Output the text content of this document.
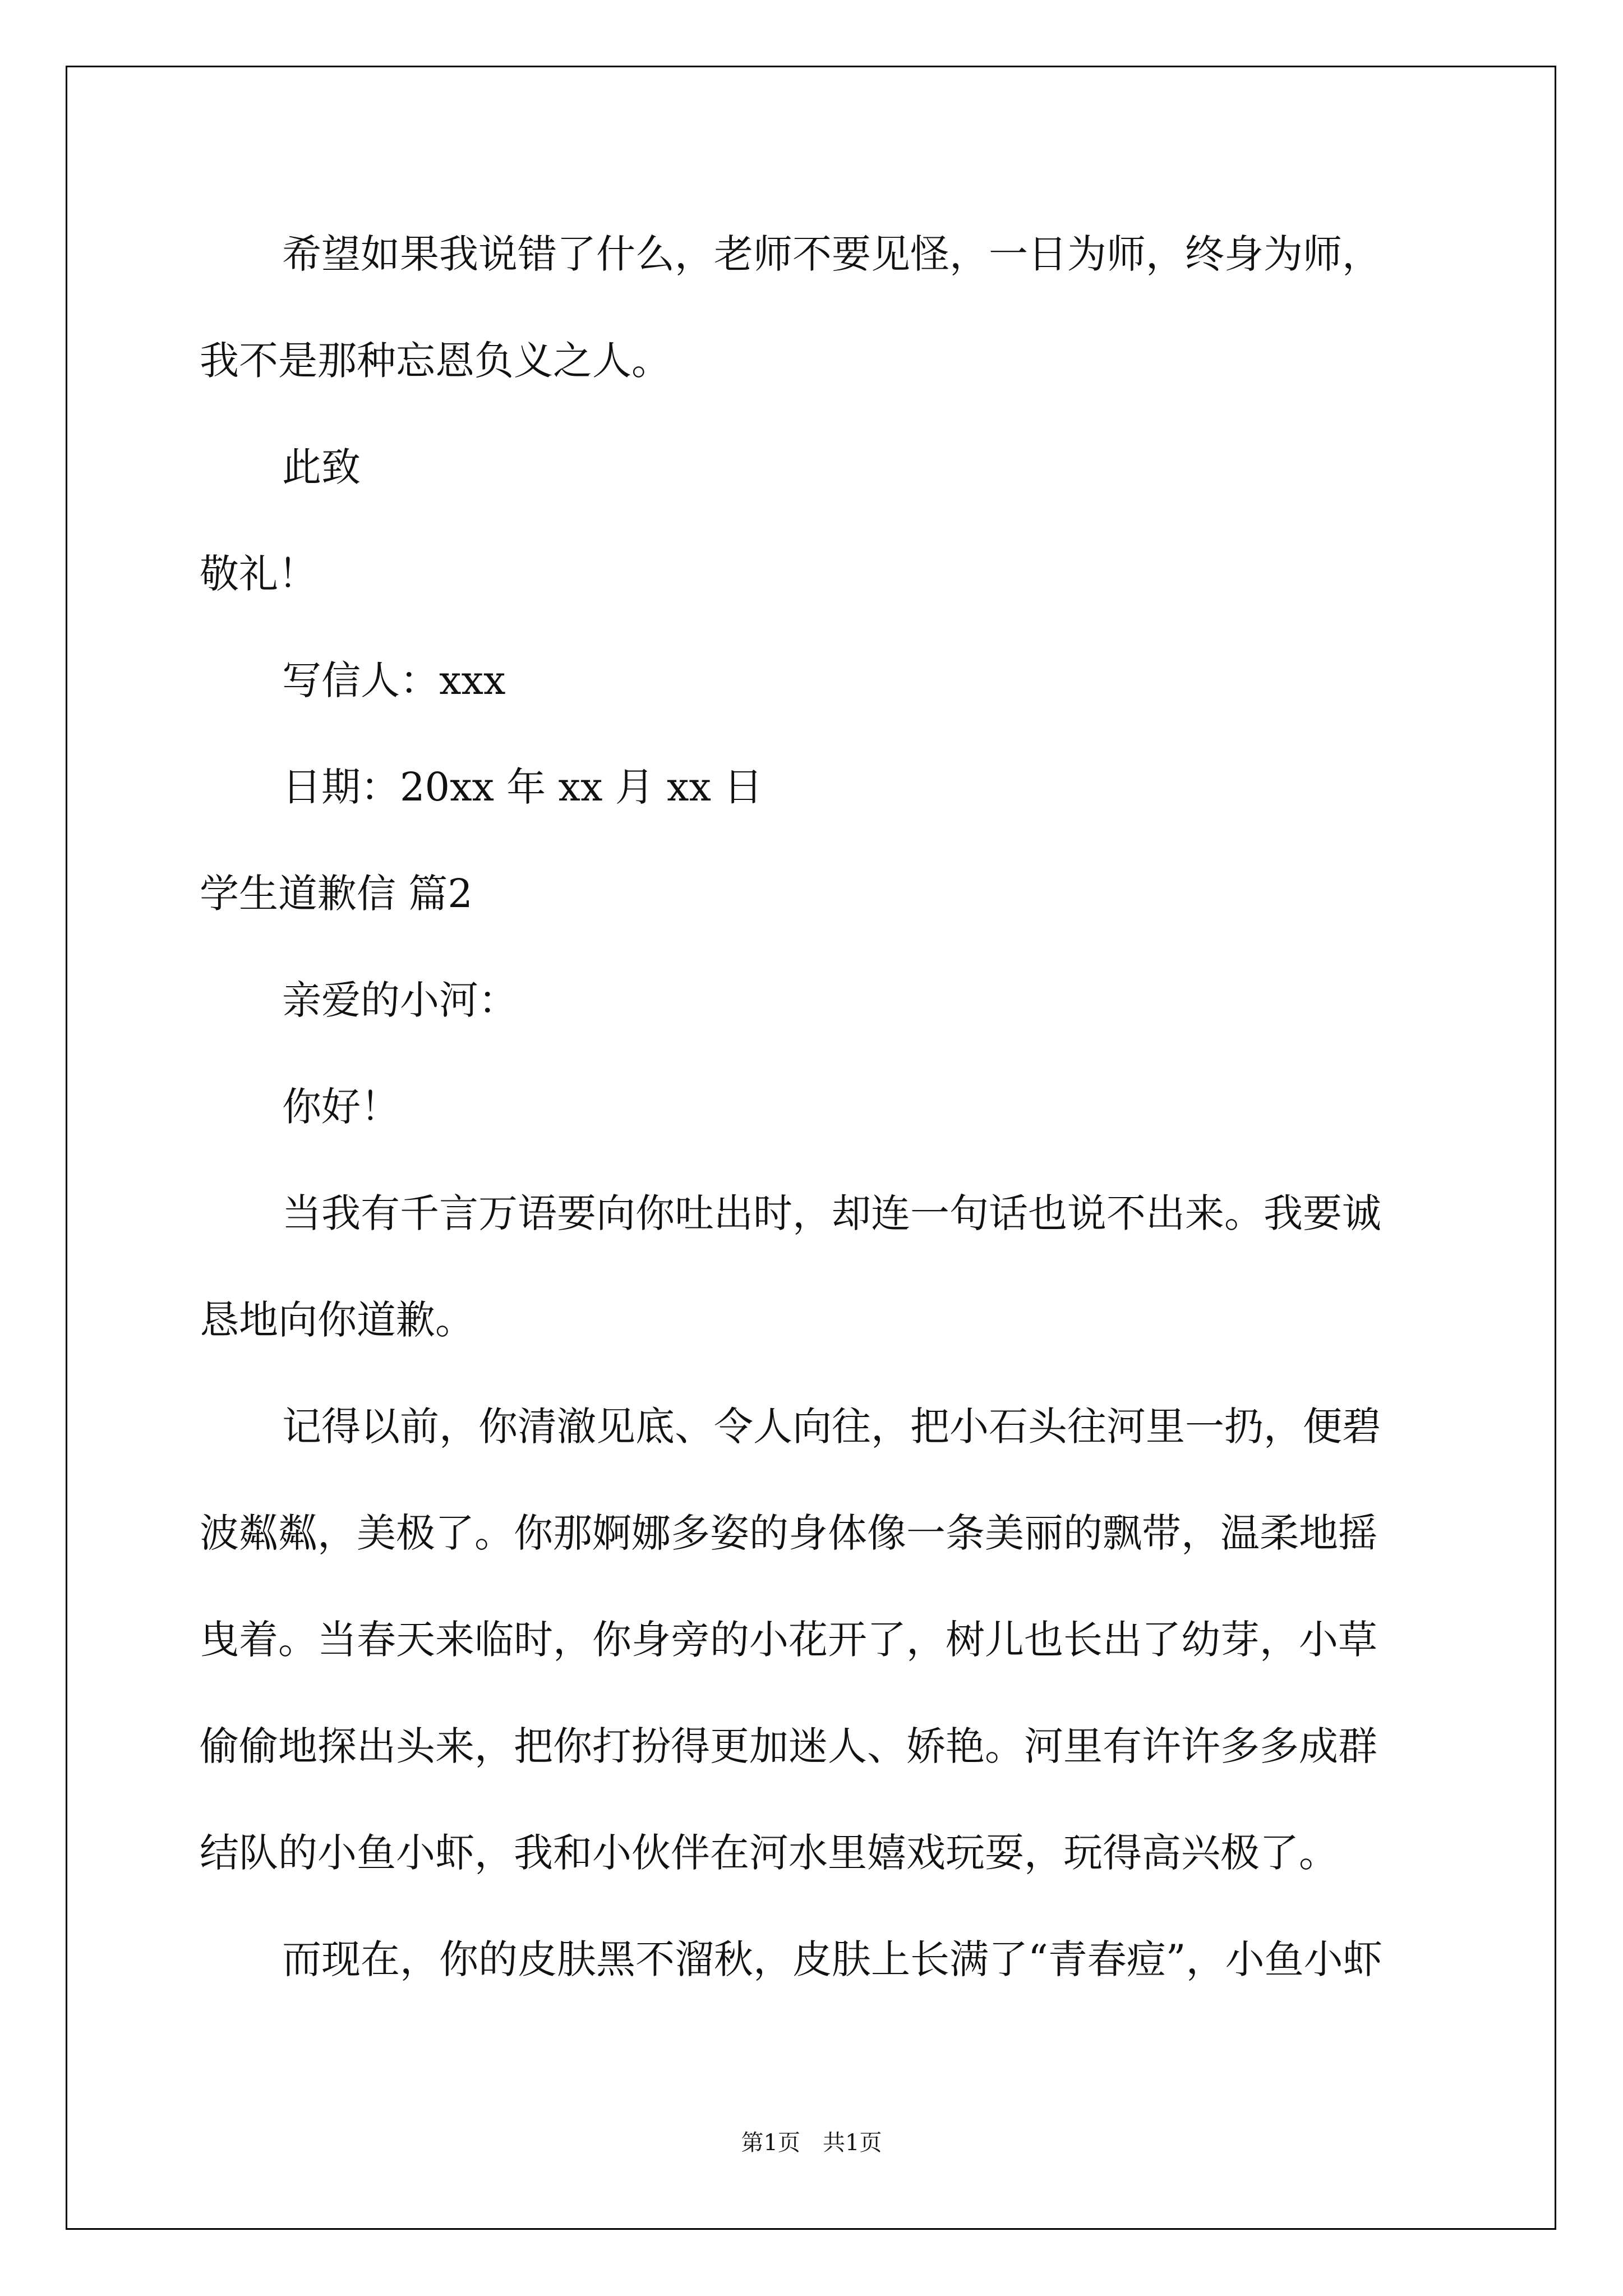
希望如果我说错了什么，老师不要见怪，一日为师，终身为师，
我不是那种忘恩负义之人。
此致
敬礼！
写信人：xxx
日期：20xx 年 xx 月 xx 日
学生道歉信 篇2
亲爱的小河：
你好！
当我有千言万语要向你吐出时，却连一句话也说不出来。我要诚
恳地向你道歉。
记得以前，你清澈见底、令人向往，把小石头往河里一扔，便碧
波粼粼，美极了。你那婀娜多姿的身体像一条美丽的飘带，温柔地摇
曳着。当春天来临时，你身旁的小花开了，树儿也长出了幼芽，小草
偷偷地探出头来，把你打扮得更加迷人、娇艳。河里有许许多多成群
结队的小鱼小虾，我和小伙伴在河水里嬉戏玩耍，玩得高兴极了。
而现在，你的皮肤黑不溜秋，皮肤上长满了“青春痘”，小鱼小虾
第1页　共1页
